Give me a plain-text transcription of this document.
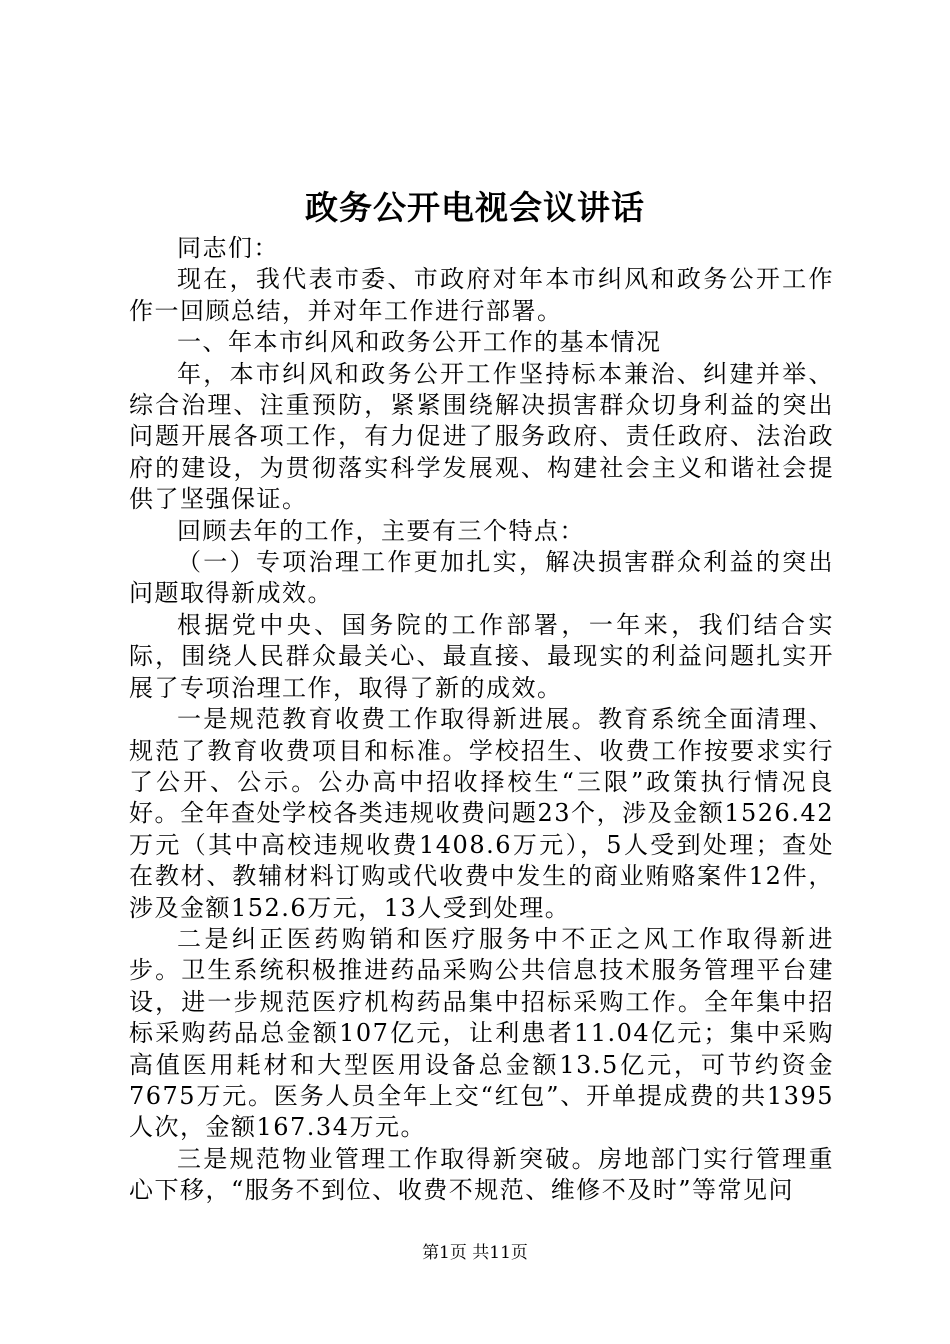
政务公开电视会议讲话

同志们：

现在，我代表市委、市政府对年本市纠风和政务公开工作作一回顾总结，并对年工作进行部署。

一、年本市纠风和政务公开工作的基本情况

年，本市纠风和政务公开工作坚持标本兼治、纠建并举、综合治理、注重预防，紧紧围绕解决损害群众切身利益的突出问题开展各项工作，有力促进了服务政府、责任政府、法治政府的建设，为贯彻落实科学发展观、构建社会主义和谐社会提供了坚强保证。

回顾去年的工作，主要有三个特点：

（一）专项治理工作更加扎实，解决损害群众利益的突出问题取得新成效。

根据党中央、国务院的工作部署，一年来，我们结合实际，围绕人民群众最关心、最直接、最现实的利益问题扎实开展了专项治理工作，取得了新的成效。

一是规范教育收费工作取得新进展。教育系统全面清理、规范了教育收费项目和标准。学校招生、收费工作按要求实行了公开、公示。公办高中招收择校生“三限”政策执行情况良好。全年查处学校各类违规收费问题23个，涉及金额1526.42万元（其中高校违规收费1408.6万元），5人受到处理；查处在教材、教辅材料订购或代收费中发生的商业贿赂案件12件，涉及金额152.6万元，13人受到处理。

二是纠正医药购销和医疗服务中不正之风工作取得新进步。卫生系统积极推进药品采购公共信息技术服务管理平台建设，进一步规范医疗机构药品集中招标采购工作。全年集中招标采购药品总金额107亿元，让利患者11.04亿元；集中采购高值医用耗材和大型医用设备总金额13.5亿元，可节约资金7675万元。医务人员全年上交“红包”、开单提成费的共1395人次，金额167.34万元。

三是规范物业管理工作取得新突破。房地部门实行管理重心下移，“服务不到位、收费不规范、维修不及时”等常见问

第1页 共11页
